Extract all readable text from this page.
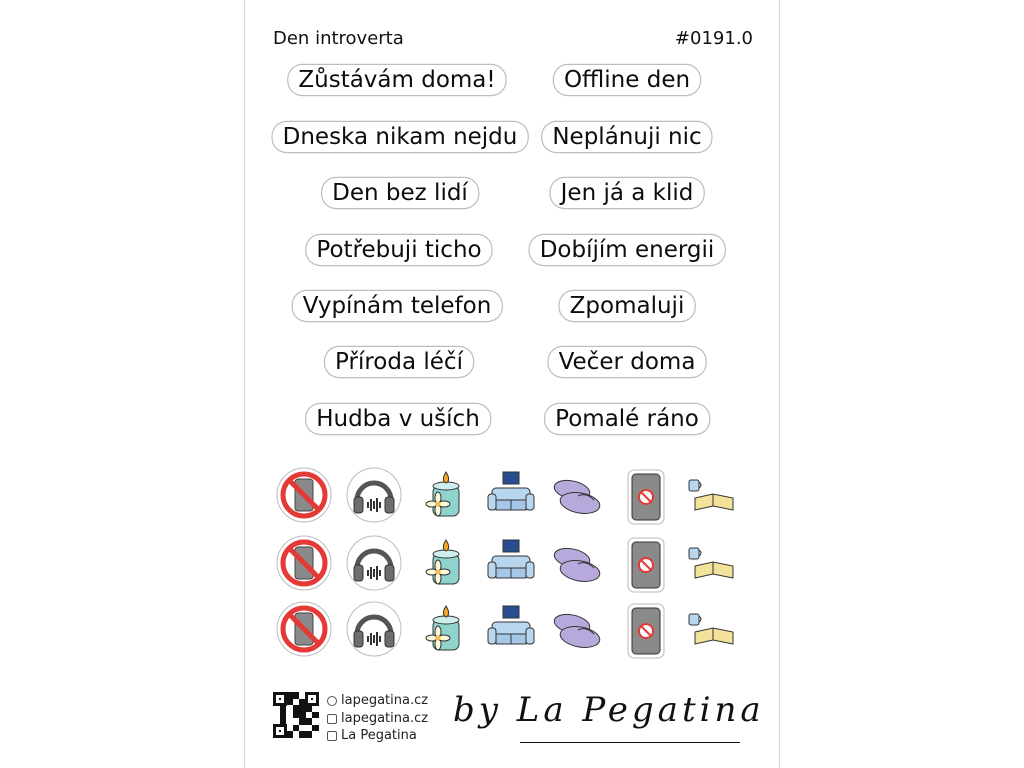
Den introverta	#0191.0
Zůstávám doma!	Offline den
Dneska nikam nejdu	Neplánuji nic
Den bez lidí	Jen já a klid
Potřebuji ticho	Dobíjím energii
Vypínám telefon	Zpomaluji
Příroda léčí	Večer doma
Hudba v uších	Pomalé ráno
lapegatina.cz
lapegatina.cz
La Pegatina
by La Pegatina
